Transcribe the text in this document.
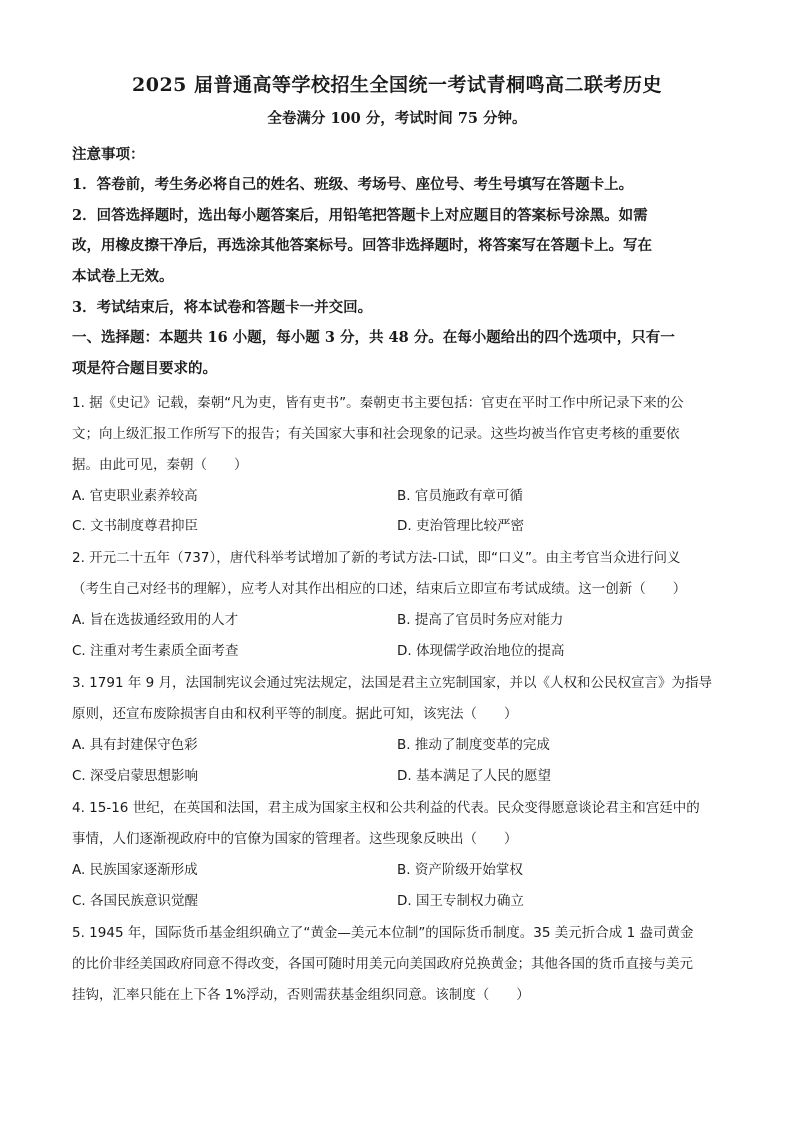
2025 届普通高等学校招生全国统一考试青桐鸣高二联考历史
全卷满分 100 分，考试时间 75 分钟。
注意事项：
1．答卷前，考生务必将自己的姓名、班级、考场号、座位号、考生号填写在答题卡上。
2．回答选择题时，选出每小题答案后，用铅笔把答题卡上对应题目的答案标号涂黑。如需
改，用橡皮擦干净后，再选涂其他答案标号。回答非选择题时，将答案写在答题卡上。写在
本试卷上无效。
3．考试结束后，将本试卷和答题卡一并交回。
一、选择题：本题共 16 小题，每小题 3 分，共 48 分。在每小题给出的四个选项中，只有一
项是符合题目要求的。
1. 据《史记》记载，秦朝“凡为吏，皆有吏书”。秦朝吏书主要包括：官吏在平时工作中所记录下来的公
文；向上级汇报工作所写下的报告；有关国家大事和社会现象的记录。这些均被当作官吏考核的重要依
据。由此可见，秦朝（　　）
A. 官吏职业素养较高	B. 官员施政有章可循
C. 文书制度尊君抑臣	D. 吏治管理比较严密
2. 开元二十五年（737），唐代科举考试增加了新的考试方法-口试，即“口义”。由主考官当众进行问义
（考生自己对经书的理解），应考人对其作出相应的口述，结束后立即宣布考试成绩。这一创新（　　）
A. 旨在选拔通经致用的人才	B. 提高了官员时务应对能力
C. 注重对考生素质全面考查	D. 体现儒学政治地位的提高
3. 1791 年 9 月，法国制宪议会通过宪法规定，法国是君主立宪制国家，并以《人权和公民权宣言》为指导
原则，还宣布废除损害自由和权利平等的制度。据此可知，该宪法（　　）
A. 具有封建保守色彩	B. 推动了制度变革的完成
C. 深受启蒙思想影响	D. 基本满足了人民的愿望
4. 15-16 世纪，在英国和法国，君主成为国家主权和公共利益的代表。民众变得愿意谈论君主和宫廷中的
事情，人们逐渐视政府中的官僚为国家的管理者。这些现象反映出（　　）
A. 民族国家逐渐形成	B. 资产阶级开始掌权
C. 各国民族意识觉醒	D. 国王专制权力确立
5. 1945 年，国际货币基金组织确立了“黄金—美元本位制”的国际货币制度。35 美元折合成 1 盎司黄金
的比价非经美国政府同意不得改变，各国可随时用美元向美国政府兑换黄金；其他各国的货币直接与美元
挂钩，汇率只能在上下各 1%浮动，否则需获基金组织同意。该制度（　　）
